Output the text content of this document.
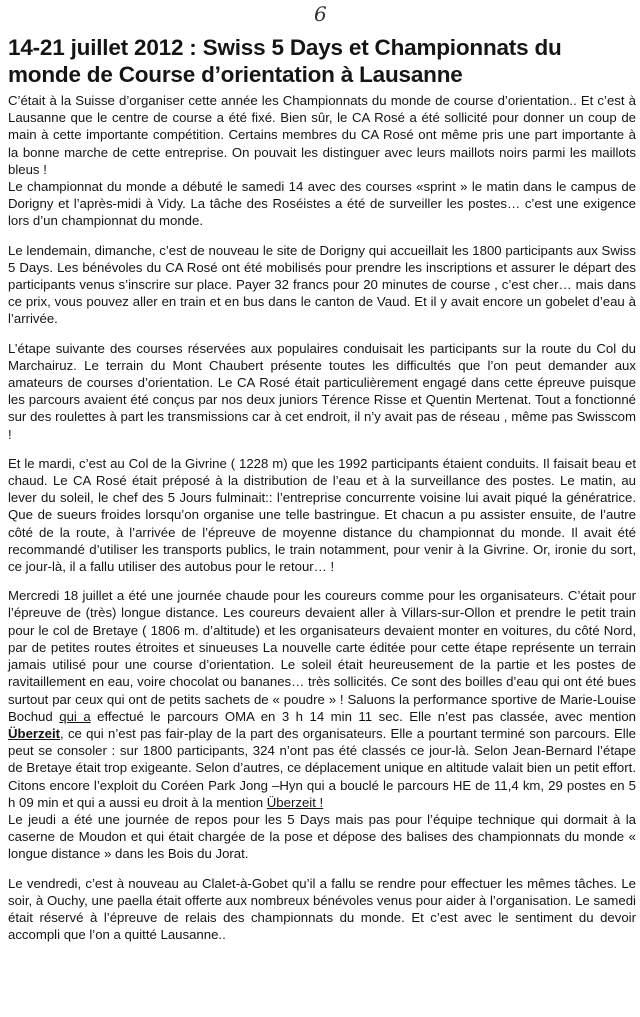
6
14-21 juillet 2012 : Swiss 5 Days et Championnats du monde de Course d’orientation à Lausanne

C’était à la Suisse d’organiser cette année les Championnats du monde de course d’orientation.. Et c’est à Lausanne que le centre de course a été fixé. Bien sûr, le CA Rosé a été sollicité pour donner un coup de main à cette importante compétition. Certains membres du CA Rosé ont même pris une part importante à la bonne marche de cette entreprise. On pouvait les distinguer avec leurs maillots noirs parmi les maillots bleus !

Le championnat du monde a débuté le samedi 14 avec des courses «sprint » le matin dans le campus de Dorigny et l’après-midi à Vidy. La tâche des Roséistes a été de surveiller les postes… c’est une exigence lors d’un championnat du monde.

Le lendemain, dimanche, c’est de nouveau le site de Dorigny qui accueillait les 1800 participants aux Swiss 5 Days. Les bénévoles du CA Rosé ont été mobilisés pour prendre les inscriptions et assurer le départ des participants venus s’inscrire sur place. Payer 32 francs pour 20 minutes de course , c’est cher… mais dans ce prix, vous pouvez aller en train et en bus dans le canton de Vaud. Et il y avait encore un gobelet d’eau à l’arrivée.

L’étape suivante des courses réservées aux populaires conduisait les participants sur la route du Col du Marchairuz. Le terrain du Mont Chaubert présente toutes les difficultés que l’on peut demander aux amateurs de courses d’orientation. Le CA Rosé était particulièrement engagé dans cette épreuve puisque les parcours avaient été conçus par nos deux juniors Térence Risse et Quentin Mertenat. Tout a fonctionné sur des roulettes à part les transmissions car à cet endroit, il n’y avait pas de réseau , même pas Swisscom !

Et le mardi, c’est au Col de la Givrine ( 1228 m) que les 1992 participants étaient conduits. Il faisait beau et chaud. Le CA Rosé était préposé à la distribution de l’eau et à la surveillance des postes. Le matin, au lever du soleil, le chef des 5 Jours fulminait:: l’entreprise concurrente voisine lui avait piqué la génératrice. Que de sueurs froides lorsqu’on organise une telle bastringue. Et chacun a pu assister ensuite, de l’autre côté de la route, à l’arrivée de l’épreuve de moyenne distance du championnat du monde. Il avait été recommandé d’utiliser les transports publics, le train notamment, pour venir à la Givrine. Or, ironie du sort, ce jour-là, il a fallu utiliser des autobus pour le retour… !

Mercredi 18 juillet a été une journée chaude pour les coureurs comme pour les organisateurs. C’était pour l’épreuve de (très) longue distance. Les coureurs devaient aller à Villars-sur-Ollon et prendre le petit train pour le col de Bretaye ( 1806 m. d’altitude) et les organisateurs devaient monter en voitures, du côté Nord, par de petites routes étroites et sinueuses La nouvelle carte éditée pour cette étape représente un terrain jamais utilisé pour une course d’orientation. Le soleil était heureusement de la partie et les postes de ravitaillement en eau, voire chocolat ou bananes… très sollicités. Ce sont des boilles d’eau qui ont été bues surtout par ceux qui ont de petits sachets de « poudre » ! Saluons la performance sportive de Marie-Louise Bochud qui a effectué le parcours OMA en 3 h 14 min 11 sec. Elle n’est pas classée, avec mention Überzeit, ce qui n’est pas fair-play de la part des organisateurs. Elle a pourtant terminé son parcours. Elle peut se consoler : sur 1800 participants, 324 n’ont pas été classés ce jour-là. Selon Jean-Bernard l’étape de Bretaye était trop exigeante. Selon d’autres, ce déplacement unique en altitude valait bien un petit effort. Citons encore l’exploit du Coréen Park Jong –Hyn qui a bouclé le parcours HE de 11,4 km, 29 postes en 5 h 09 min et qui a aussi eu droit à la mention Überzeit !

Le jeudi a été une journée de repos pour les 5 Days mais pas pour l’équipe technique qui dormait à la caserne de Moudon et qui était chargée de la pose et dépose des balises des championnats du monde « longue distance » dans les Bois du Jorat.

Le vendredi, c’est à nouveau au Clalet-à-Gobet qu’il a fallu se rendre pour effectuer les mêmes tâches. Le soir, à Ouchy, une paella était offerte aux nombreux bénévoles venus pour aider à l’organisation. Le samedi était réservé à l’épreuve de relais des championnats du monde. Et c’est avec le sentiment du devoir accompli que l’on a quitté Lausanne..
